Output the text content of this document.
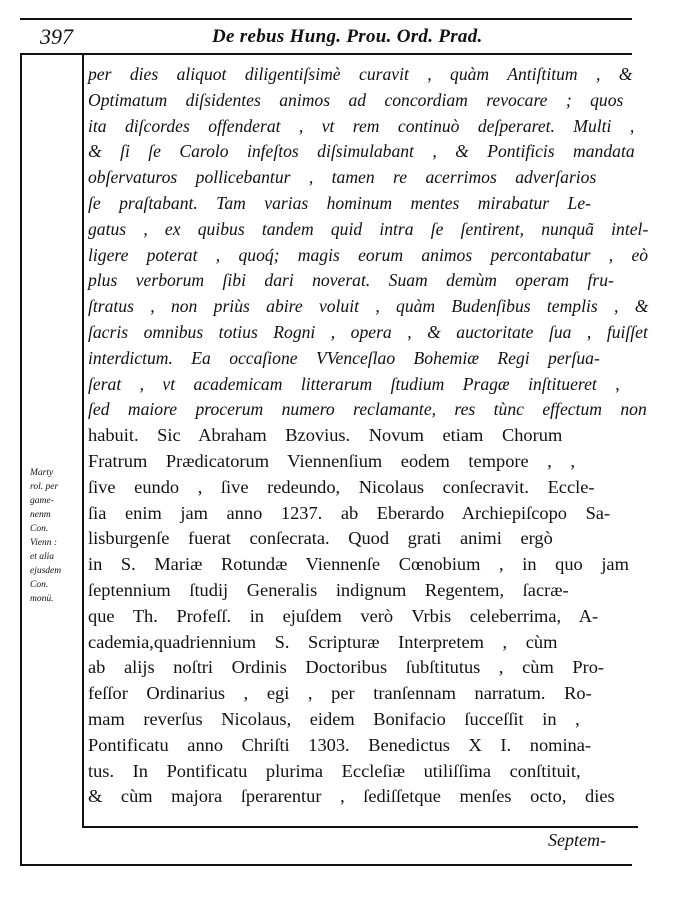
397	De rebus Hung. Prou. Ord. Prad.
Marty
rol. per
game-
nenm
Con.
Vienn :
et alia
ejusdem
Con.
monü.
per dies aliquot diligentiſsimè curavit , quàm Antiſtitum , &
Optimatum diſsidentes animos ad concordiam revocare ; quos
ita diſcordes offenderat , vt rem continuò deſperaret. Multi ,
& ſi ſe Carolo infeſtos diſsimulabant , & Pontificis mandata
obſervaturos pollicebantur , tamen re acerrimos adverſarios
ſe praſtabant. Tam varias hominum mentes mirabatur Le-
gatus , ex quibus tandem quid intra ſe ſentirent, nunquã intel-
ligere poterat , quoq́; magis eorum animos percontabatur , eò
plus verborum ſibi dari noverat. Suam demùm operam fru-
ſtratus , non priùs abire voluit , quàm Budenſibus templis , &
ſacris omnibus totius Rogni , opera , & auctoritate ſua , fuiſſet
interdictum. Ea occaſione VVenceſlao Bohemiæ Regi perſua-
ſerat , vt academicam litterarum ſtudium Pragæ inſtitueret ,
ſed maiore procerum numero reclamante, res tùnc effectum non
habuit. Sic Abraham Bzovius. Novum etiam Chorum
Fratrum Prædicatorum Viennenſium eodem tempore , ,
ſive eundo , ſive redeundo, Nicolaus conſecravit. Eccle-
ſia enim jam anno 1237. ab Eberardo Archiepiſcopo Sa-
lisburgenſe fuerat conſecrata. Quod grati animi ergò
in S. Mariæ Rotundæ Viennenſe Cœnobium , in quo jam
ſeptennium ſtudij Generalis indignum Regentem, ſacræ-
que Th. Profeſſ. in ejuſdem verò Vrbis celeberrima, A-
cademia,quadriennium S. Scripturæ Interpretem , cùm
ab alijs noſtri Ordinis Doctoribus ſubſtitutus , cùm Pro-
feſſor Ordinarius , egi , per tranſennam narratum. Ro-
mam reverſus Nicolaus, eidem Bonifacio ſucceſſit in ,
Pontificatu anno Chriſti 1303. Benedictus X I. nomina-
tus. In Pontificatu plurima Eccleſiæ utiliſſima conſtituit,
& cùm majora ſperarentur , ſediſſetque menſes octo, dies
Septem-
